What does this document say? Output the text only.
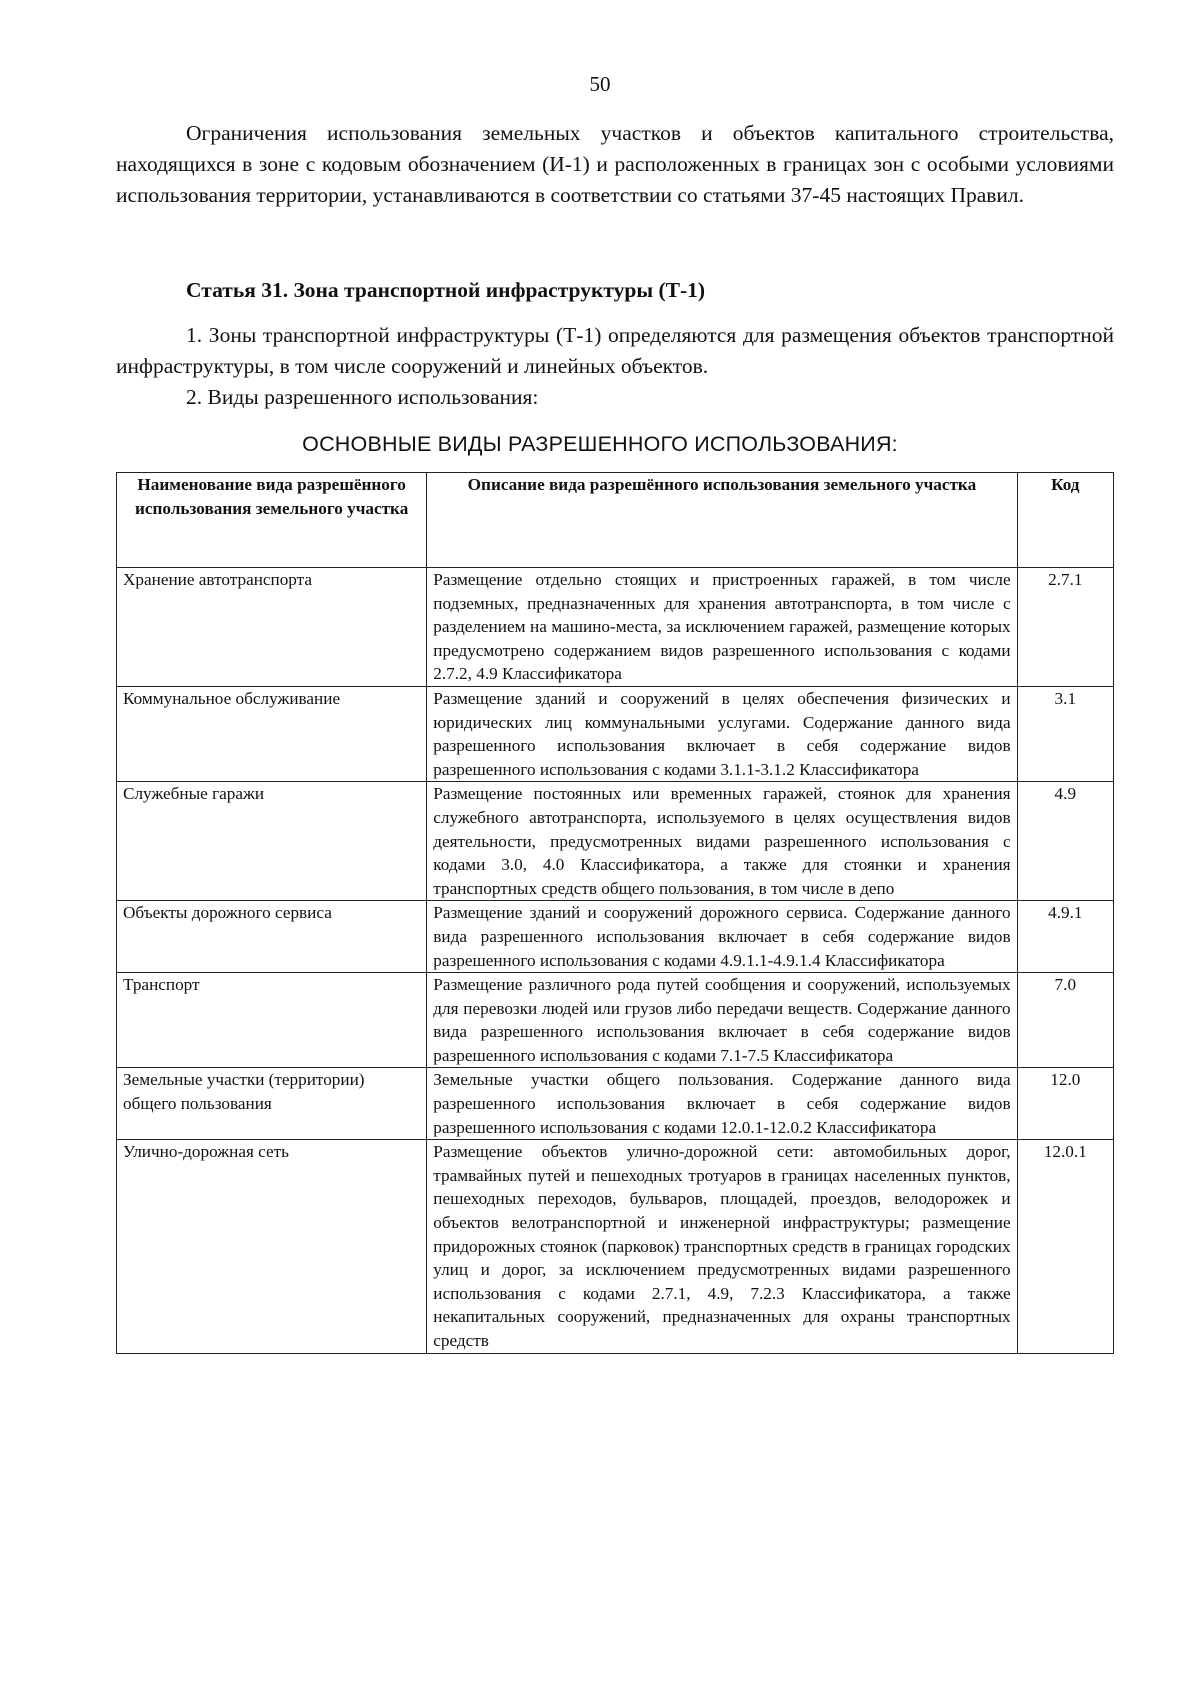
50

Ограничения использования земельных участков и объектов капитального строительства, находящихся в зоне с кодовым обозначением (И-1) и расположенных в границах зон с особыми условиями использования территории, устанавливаются в соответствии со статьями 37-45 настоящих Правил.

Статья 31. Зона транспортной инфраструктуры (Т-1)

1. Зоны транспортной инфраструктуры (Т-1) определяются для размещения объектов транспортной инфраструктуры, в том числе сооружений и линейных объектов.

2. Виды разрешенного использования:

ОСНОВНЫЕ ВИДЫ РАЗРЕШЕННОГО ИСПОЛЬЗОВАНИЯ:
Наименование вида разрешённого использования земельного участка	Описание вида разрешённого использования земельного участка	Код
Хранение автотранспорта	Размещение отдельно стоящих и пристроенных гаражей, в том числе подземных, предназначенных для хранения автотранспорта, в том числе с разделением на машино-места, за исключением гаражей, размещение которых предусмотрено содержанием видов разрешенного использования с кодами 2.7.2, 4.9 Классификатора	2.7.1
Коммунальное обслуживание	Размещение зданий и сооружений в целях обеспечения физических и юридических лиц коммунальными услугами. Содержание данного вида разрешенного использования включает в себя содержание видов разрешенного использования с кодами 3.1.1-3.1.2 Классификатора	3.1
Служебные гаражи	Размещение постоянных или временных гаражей, стоянок для хранения служебного автотранспорта, используемого в целях осуществления видов деятельности, предусмотренных видами разрешенного использования с кодами 3.0, 4.0 Классификатора, а также для стоянки и хранения транспортных средств общего пользования, в том числе в депо	4.9
Объекты дорожного сервиса	Размещение зданий и сооружений дорожного сервиса. Содержание данного вида разрешенного использования включает в себя содержание видов разрешенного использования с кодами 4.9.1.1-4.9.1.4 Классификатора	4.9.1
Транспорт	Размещение различного рода путей сообщения и сооружений, используемых для перевозки людей или грузов либо передачи веществ. Содержание данного вида разрешенного использования включает в себя содержание видов разрешенного использования с кодами 7.1-7.5 Классификатора	7.0
Земельные участки (территории) общего пользования	Земельные участки общего пользования. Содержание данного вида разрешенного использования включает в себя содержание видов разрешенного использования с кодами 12.0.1-12.0.2 Классификатора	12.0
Улично-дорожная сеть	Размещение объектов улично-дорожной сети: автомобильных дорог, трамвайных путей и пешеходных тротуаров в границах населенных пунктов, пешеходных переходов, бульваров, площадей, проездов, велодорожек и объектов велотранспортной и инженерной инфраструктуры; размещение придорожных стоянок (парковок) транспортных средств в границах городских улиц и дорог, за исключением предусмотренных видами разрешенного использования с кодами 2.7.1, 4.9, 7.2.3 Классификатора, а также некапитальных сооружений, предназначенных для охраны транспортных средств	12.0.1
